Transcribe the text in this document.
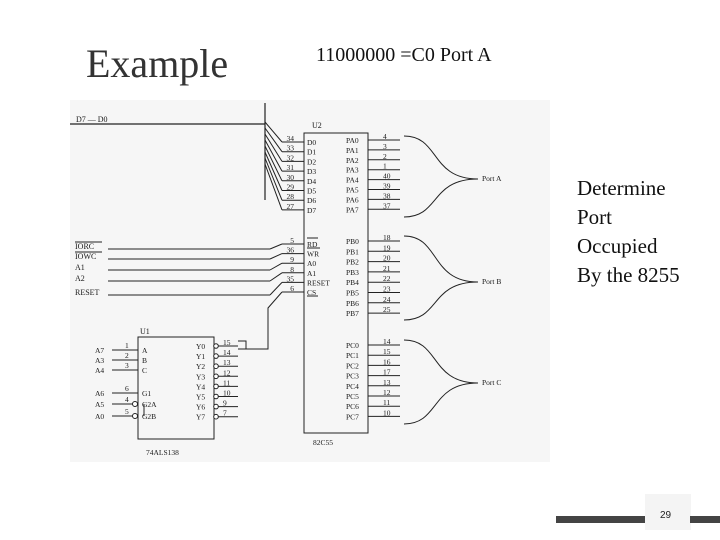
Example	11000000 =C0 Port A
D7 — D0
U2
82C55
34 D0
33 D1
32 D2
31 D3
30 D4
29 D5
28 D6
27 D7
5 RD
36 WR
9 A0
8 A1
35 RESET
6 CS
PA0	4
PA1	3
PA2	2
PA3	1
PA4	40
PA5	39
PA6	38
PA7	37
PB0	18
PB1	19
PB2	20
PB3	21
PB4	22
PB5	23
PB6	24
PB7	25
PC0	14
PC1	15
PC2	16
PC3	17
PC4	13
PC5	12
PC6	11
PC7	10
Port A
Port B
Port C
IORC
IOWC
A1
A2
RESET
U1
74ALS138
A7
1
A
A3
2
B
A4
3
C
A6
6
G1
A5
4
G2A
A0
5
G2B
Y0 15
Y1 14
Y2 13
Y3 12
Y4 11
Y5 10
Y6 9
Y7 7
Determine
Port
Occupied
By the 8255
29
